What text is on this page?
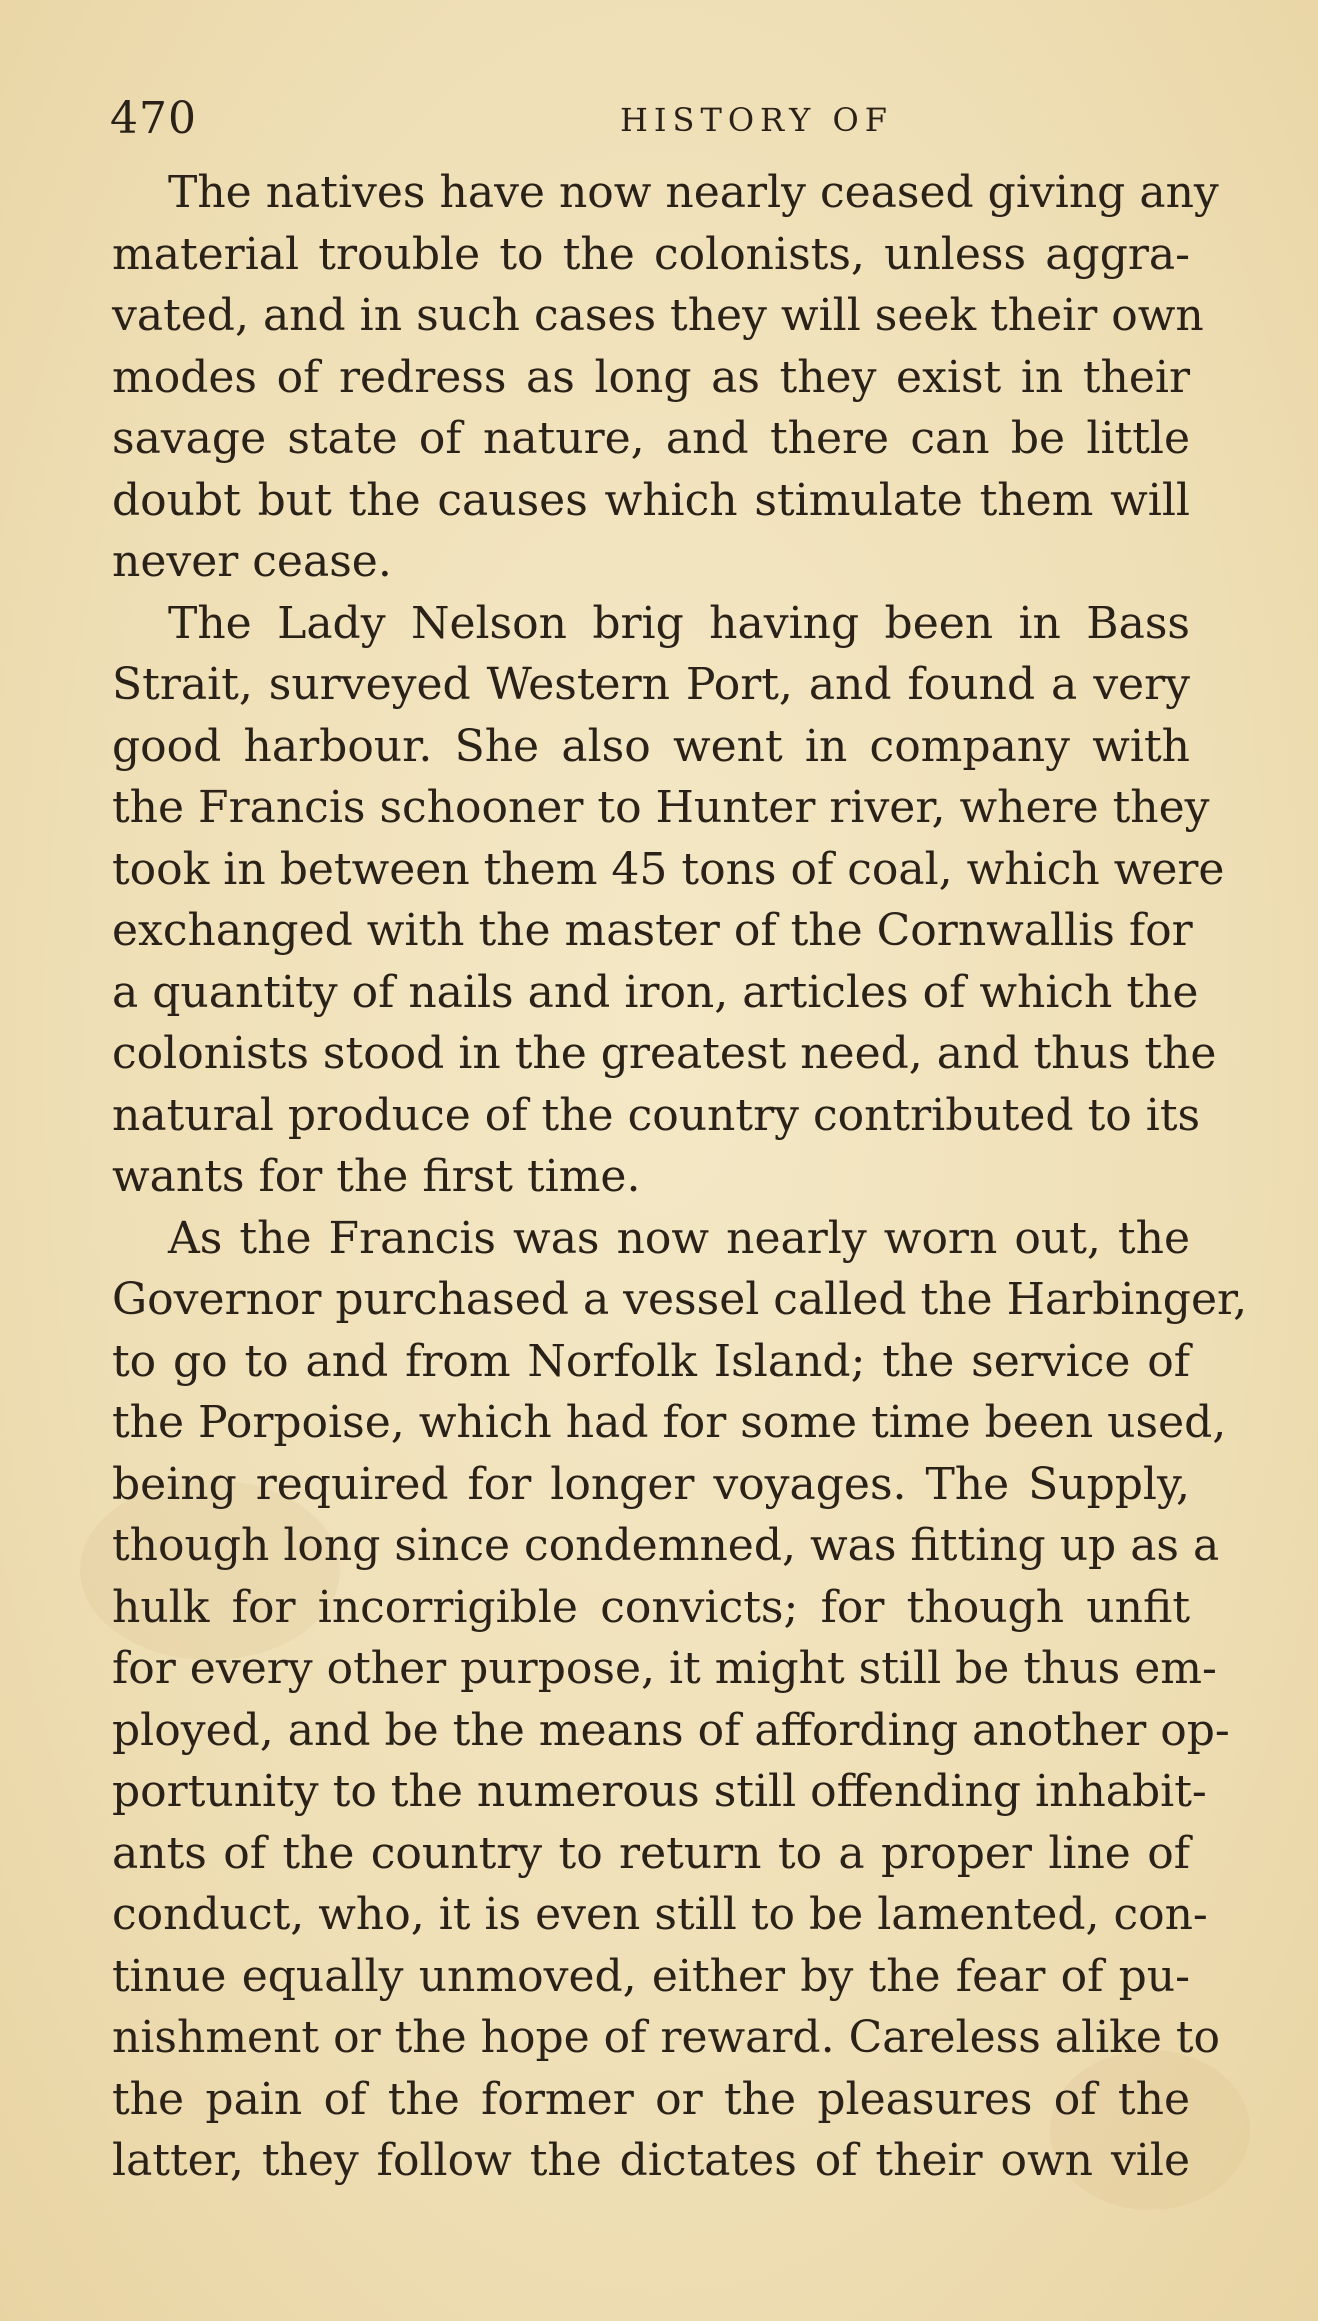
470	HISTORY OF
The natives have now nearly ceased giving any
material trouble to the colonists, unless aggra-
vated, and in such cases they will seek their own
modes of redress as long as they exist in their
savage state of nature, and there can be little
doubt but the causes which stimulate them will
never cease.
The Lady Nelson brig having been in Bass
Strait, surveyed Western Port, and found a very
good harbour. She also went in company with
the Francis schooner to Hunter river, where they
took in between them 45 tons of coal, which were
exchanged with the master of the Cornwallis for
a quantity of nails and iron, articles of which the
colonists stood in the greatest need, and thus the
natural produce of the country contributed to its
wants for the first time.
As the Francis was now nearly worn out, the
Governor purchased a vessel called the Harbinger,
to go to and from Norfolk Island; the service of
the Porpoise, which had for some time been used,
being required for longer voyages. The Supply,
though long since condemned, was fitting up as a
hulk for incorrigible convicts; for though unfit
for every other purpose, it might still be thus em-
ployed, and be the means of affording another op-
portunity to the numerous still offending inhabit-
ants of the country to return to a proper line of
conduct, who, it is even still to be lamented, con-
tinue equally unmoved, either by the fear of pu-
nishment or the hope of reward. Careless alike to
the pain of the former or the pleasures of the
latter, they follow the dictates of their own vile
